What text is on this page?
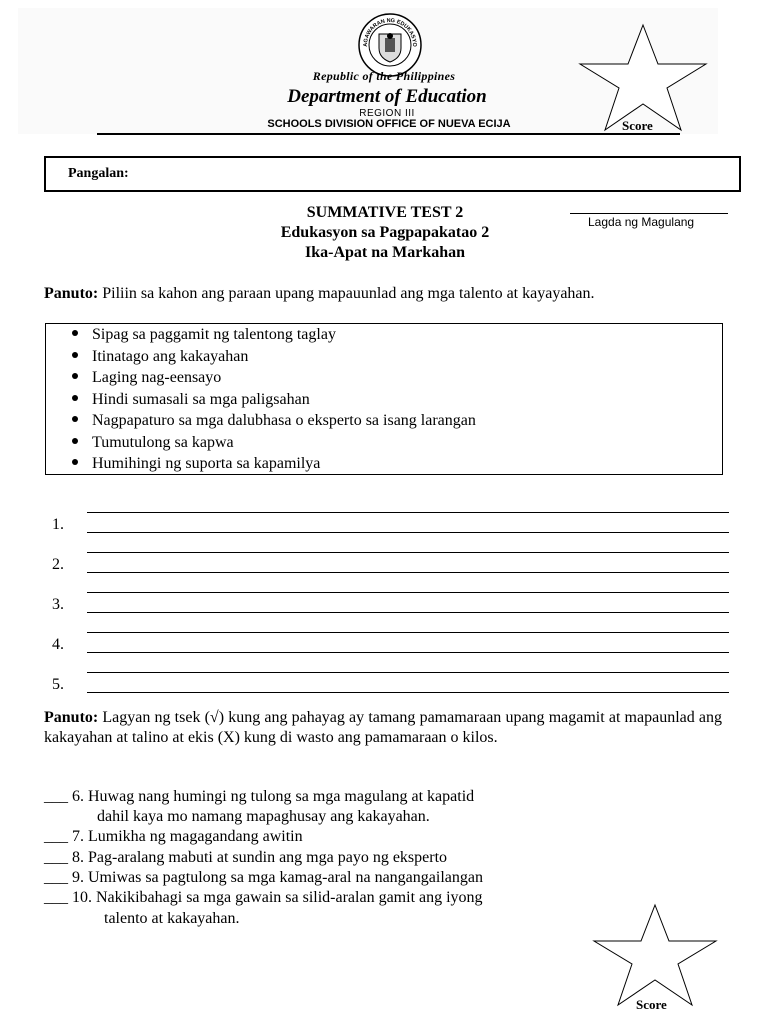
AGAWARAN NG EDUKASYO
Republic of the Philippines
Department of Education
REGION III
SCHOOLS DIVISION OFFICE OF NUEVA ECIJA	Score
Pangalan:
SUMMATIVE TEST 2
Edukasyon sa Pagpapakatao 2
Ika-Apat na Markahan
Lagda ng Magulang
Panuto: Piliin sa kahon ang paraan upang mapauunlad ang mga talento at kayayahan.
Sipag sa paggamit ng talentong taglay
Itinatago ang kakayahan
Laging nag-eensayo
Hindi sumasali sa mga paligsahan
Nagpapaturo sa mga dalubhasa o eksperto sa isang larangan
Tumutulong sa kapwa
Humihingi ng suporta sa kapamilya
1.
2.
3.
4.
5.
Panuto: Lagyan ng tsek (√) kung ang pahayag ay tamang pamamaraan upang magamit at mapaunlad ang kakayahan at talino at ekis (X) kung di wasto ang pamamaraan o kilos.
___ 6. Huwag nang humingi ng tulong sa mga magulang at kapatid
dahil kaya mo namang mapaghusay ang kakayahan.
___ 7. Lumikha ng magagandang awitin
___ 8. Pag-aralang mabuti at sundin ang mga payo ng eksperto
___ 9. Umiwas sa pagtulong sa mga kamag-aral na nangangailangan
___ 10. Nakikibahagi sa mga gawain sa silid-aralan gamit ang iyong
talento at kakayahan.
Score
